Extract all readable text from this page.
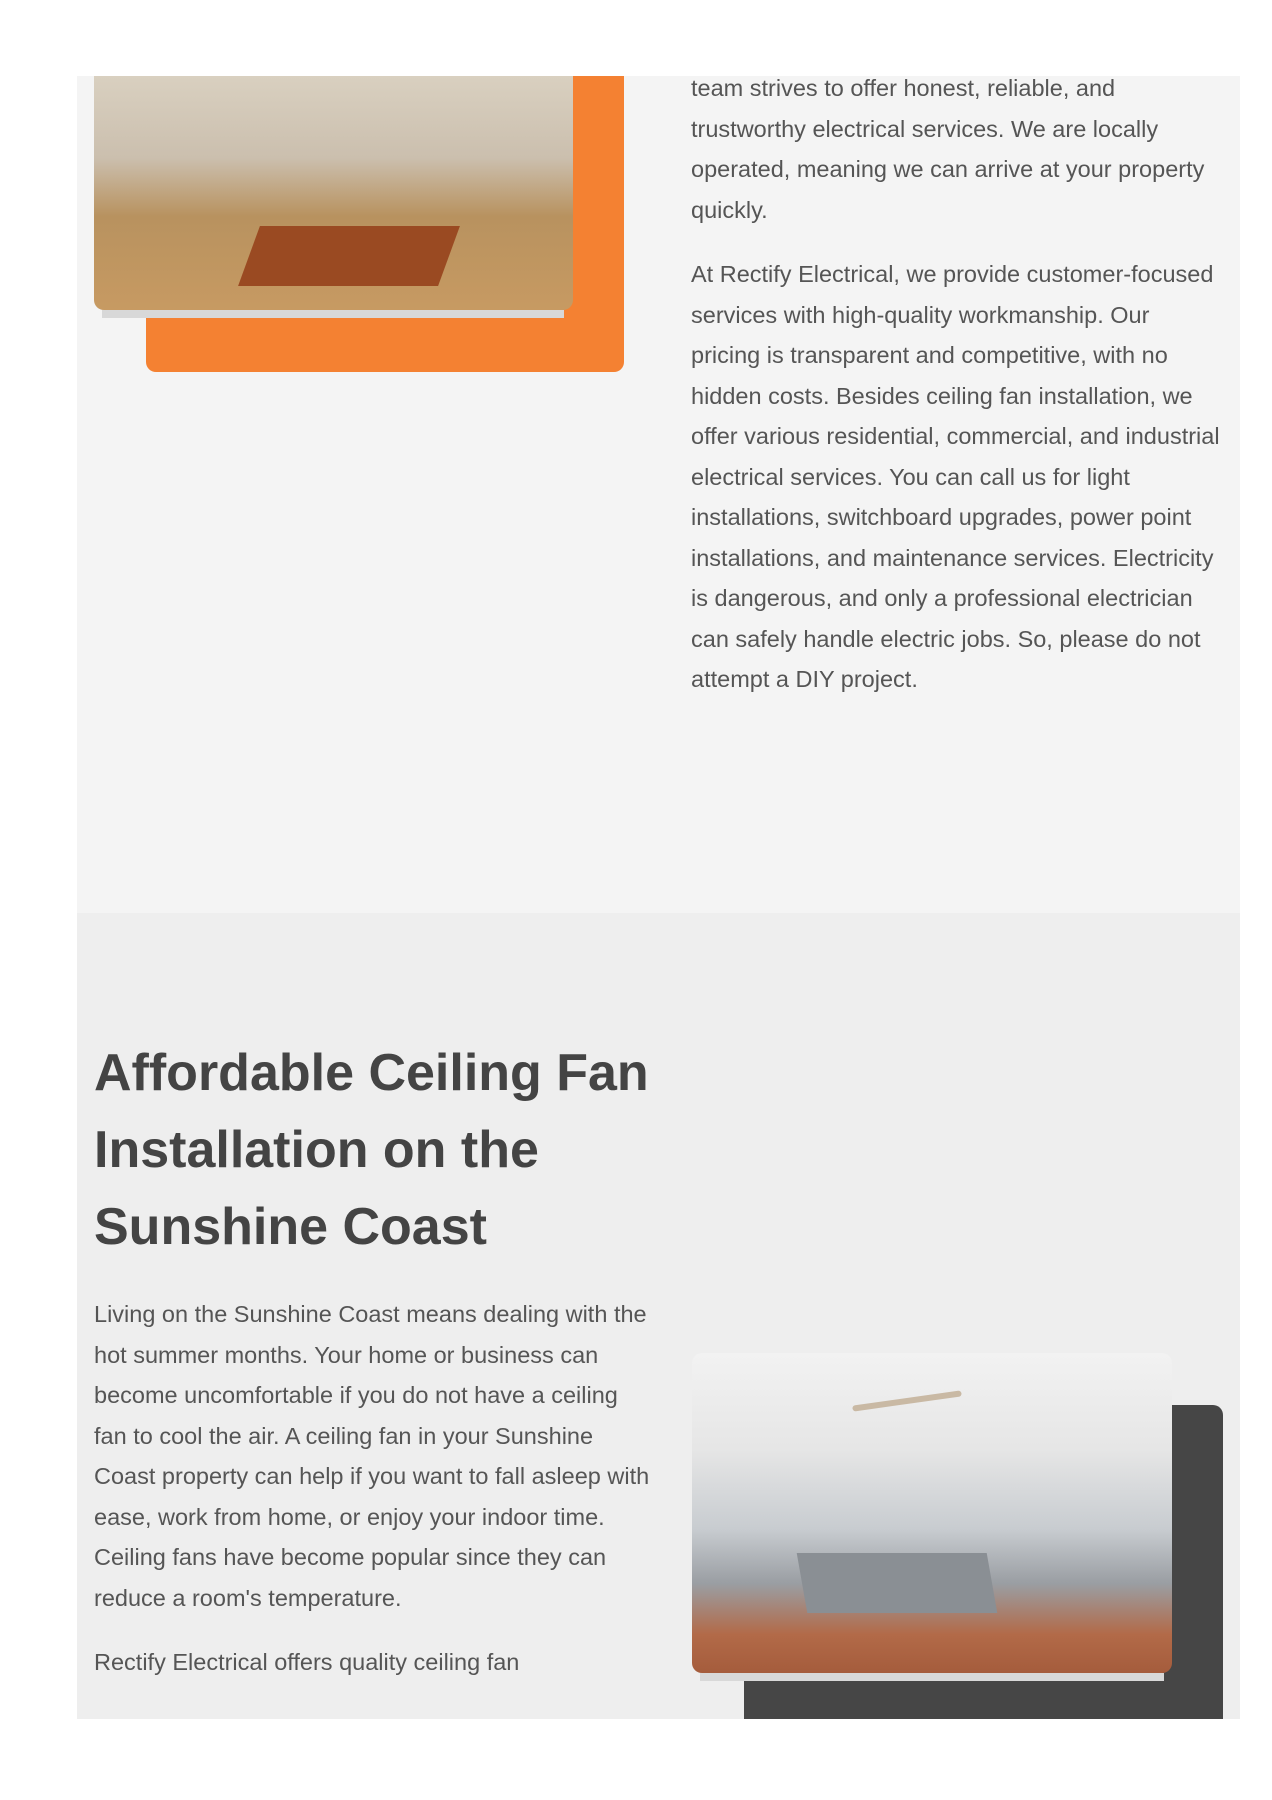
team strives to offer honest, reliable, and trustworthy electrical services. We are locally operated, meaning we can arrive at your property quickly.

At Rectify Electrical, we provide customer-focused services with high-quality workmanship. Our pricing is transparent and competitive, with no hidden costs. Besides ceiling fan installation, we offer various residential, commercial, and industrial electrical services. You can call us for light installations, switchboard upgrades, power point installations, and maintenance services. Electricity is dangerous, and only a professional electrician can safely handle electric jobs. So, please do not attempt a DIY project.

Affordable Ceiling Fan Installation on the Sunshine Coast

Living on the Sunshine Coast means dealing with the hot summer months. Your home or business can become uncomfortable if you do not have a ceiling fan to cool the air. A ceiling fan in your Sunshine Coast property can help if you want to fall asleep with ease, work from home, or enjoy your indoor time. Ceiling fans have become popular since they can reduce a room's temperature.

Rectify Electrical offers quality ceiling fan
